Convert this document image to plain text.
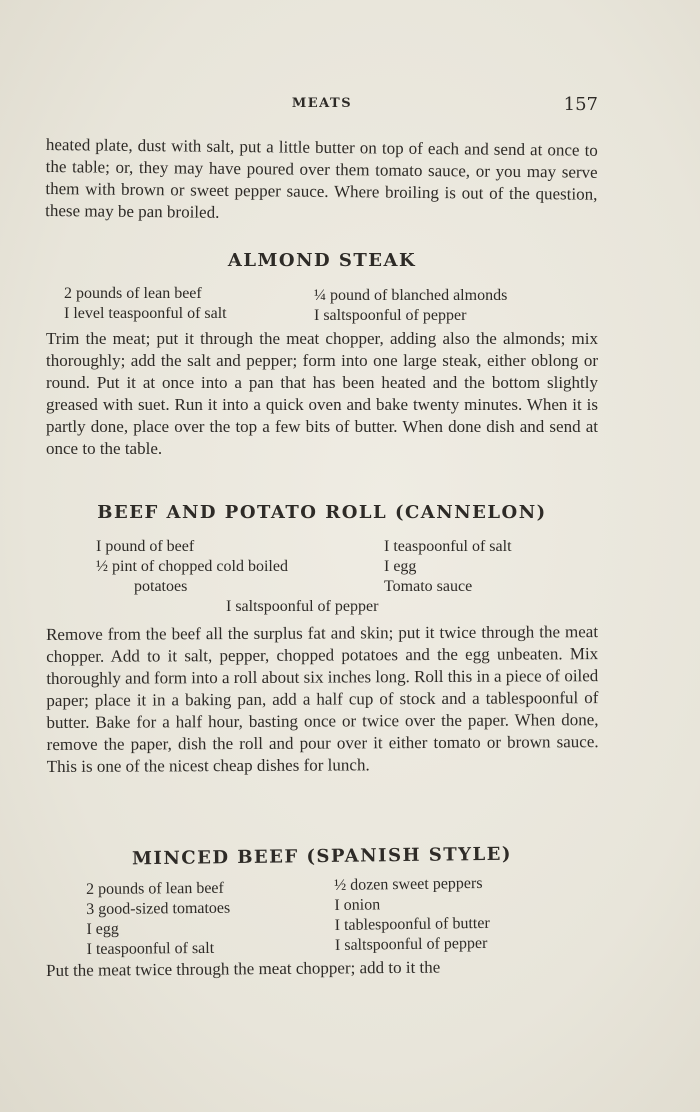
MEATS	157
heated plate, dust with salt, put a little butter on top of each and send at once to the table; or, they may have poured over them tomato sauce, or you may serve them with brown or sweet pepper sauce. Where broiling is out of the question, these may be pan broiled.
ALMOND STEAK
2 pounds of lean beef
I level teaspoonful of salt
¼ pound of blanched almonds
I saltspoonful of pepper
Trim the meat; put it through the meat chopper, adding also the almonds; mix thoroughly; add the salt and pepper; form into one large steak, either oblong or round. Put it at once into a pan that has been heated and the bottom slightly greased with suet. Run it into a quick oven and bake twenty minutes. When it is partly done, place over the top a few bits of butter. When done dish and send at once to the table.
BEEF AND POTATO ROLL (CANNELON)
I pound of beef
½ pint of chopped cold boiled
potatoes
I teaspoonful of salt
I egg
Tomato sauce
I saltspoonful of pepper
Remove from the beef all the surplus fat and skin; put it twice through the meat chopper. Add to it salt, pepper, chopped potatoes and the egg unbeaten. Mix thoroughly and form into a roll about six inches long. Roll this in a piece of oiled paper; place it in a baking pan, add a half cup of stock and a tablespoonful of butter. Bake for a half hour, basting once or twice over the paper. When done, remove the paper, dish the roll and pour over it either tomato or brown sauce. This is one of the nicest cheap dishes for lunch.
MINCED BEEF (SPANISH STYLE)
2 pounds of lean beef
3 good-sized tomatoes
I egg
I teaspoonful of salt
½ dozen sweet peppers
I onion
I tablespoonful of butter
I saltspoonful of pepper
Put the meat twice through the meat chopper; add to it the
